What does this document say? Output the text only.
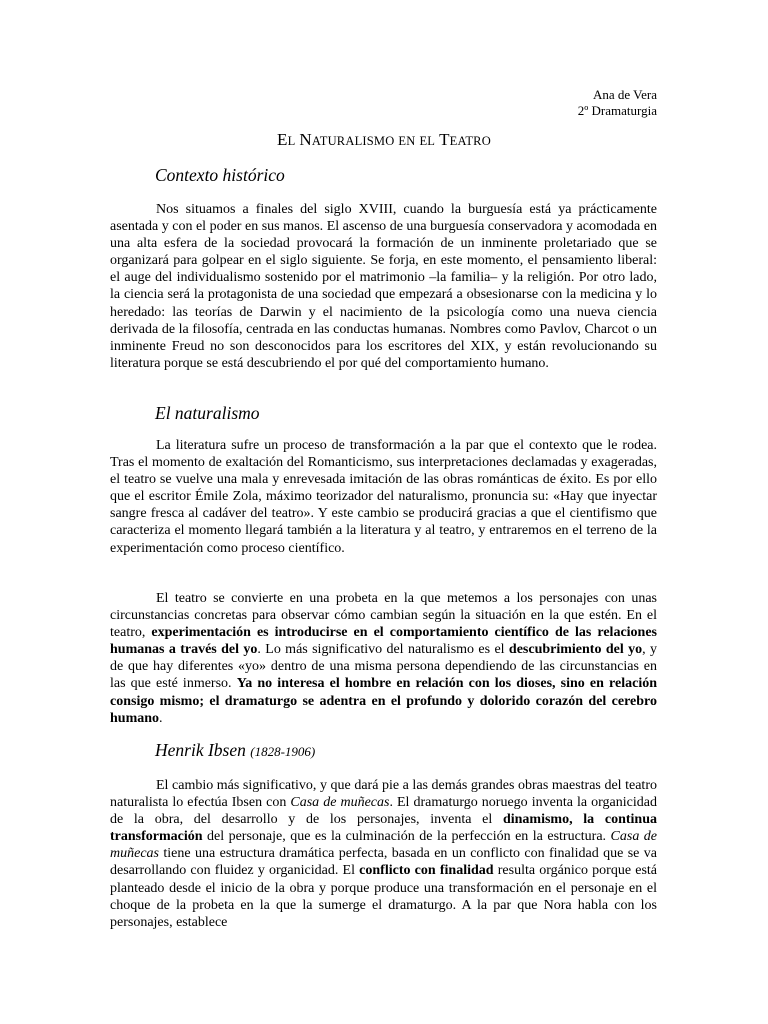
Ana de Vera
2º Dramaturgia
EL NATURALISMO EN EL TEATRO
Contexto histórico

Nos situamos a finales del siglo XVIII, cuando la burguesía está ya prácticamente asentada y con el poder en sus manos. El ascenso de una burguesía conservadora y acomodada en una alta esfera de la sociedad provocará la formación de un inminente proletariado que se organizará para golpear en el siglo siguiente. Se forja, en este momento, el pensamiento liberal: el auge del individualismo sostenido por el matrimonio –la familia– y la religión. Por otro lado, la ciencia será la protagonista de una sociedad que empezará a obsesionarse con la medicina y lo heredado: las teorías de Darwin y el nacimiento de la psicología como una nueva ciencia derivada de la filosofía, centrada en las conductas humanas. Nombres como Pavlov, Charcot o un inminente Freud no son desconocidos para los escritores del XIX, y están revolucionando su literatura porque se está descubriendo el por qué del comportamiento humano.

El naturalismo

La literatura sufre un proceso de transformación a la par que el contexto que le rodea. Tras el momento de exaltación del Romanticismo, sus interpretaciones declamadas y exageradas, el teatro se vuelve una mala y enrevesada imitación de las obras románticas de éxito. Es por ello que el escritor Émile Zola, máximo teorizador del naturalismo, pronuncia su: «Hay que inyectar sangre fresca al cadáver del teatro». Y este cambio se producirá gracias a que el cientifismo que caracteriza el momento llegará también a la literatura y al teatro, y entraremos en el terreno de la experimentación como proceso científico.

El teatro se convierte en una probeta en la que metemos a los personajes con unas circunstancias concretas para observar cómo cambian según la situación en la que estén. En el teatro, experimentación es introducirse en el comportamiento científico de las relaciones humanas a través del yo. Lo más significativo del naturalismo es el descubrimiento del yo, y de que hay diferentes «yo» dentro de una misma persona dependiendo de las circunstancias en las que esté inmerso. Ya no interesa el hombre en relación con los dioses, sino en relación consigo mismo; el dramaturgo se adentra en el profundo y dolorido corazón del cerebro humano.

Henrik Ibsen (1828-1906)

El cambio más significativo, y que dará pie a las demás grandes obras maestras del teatro naturalista lo efectúa Ibsen con Casa de muñecas. El dramaturgo noruego inventa la organicidad de la obra, del desarrollo y de los personajes, inventa el dinamismo, la continua transformación del personaje, que es la culminación de la perfección en la estructura. Casa de muñecas tiene una estructura dramática perfecta, basada en un conflicto con finalidad que se va desarrollando con fluidez y organicidad. El conflicto con finalidad resulta orgánico porque está planteado desde el inicio de la obra y porque produce una transformación en el personaje en el choque de la probeta en la que la sumerge el dramaturgo. A la par que Nora habla con los personajes, establece
